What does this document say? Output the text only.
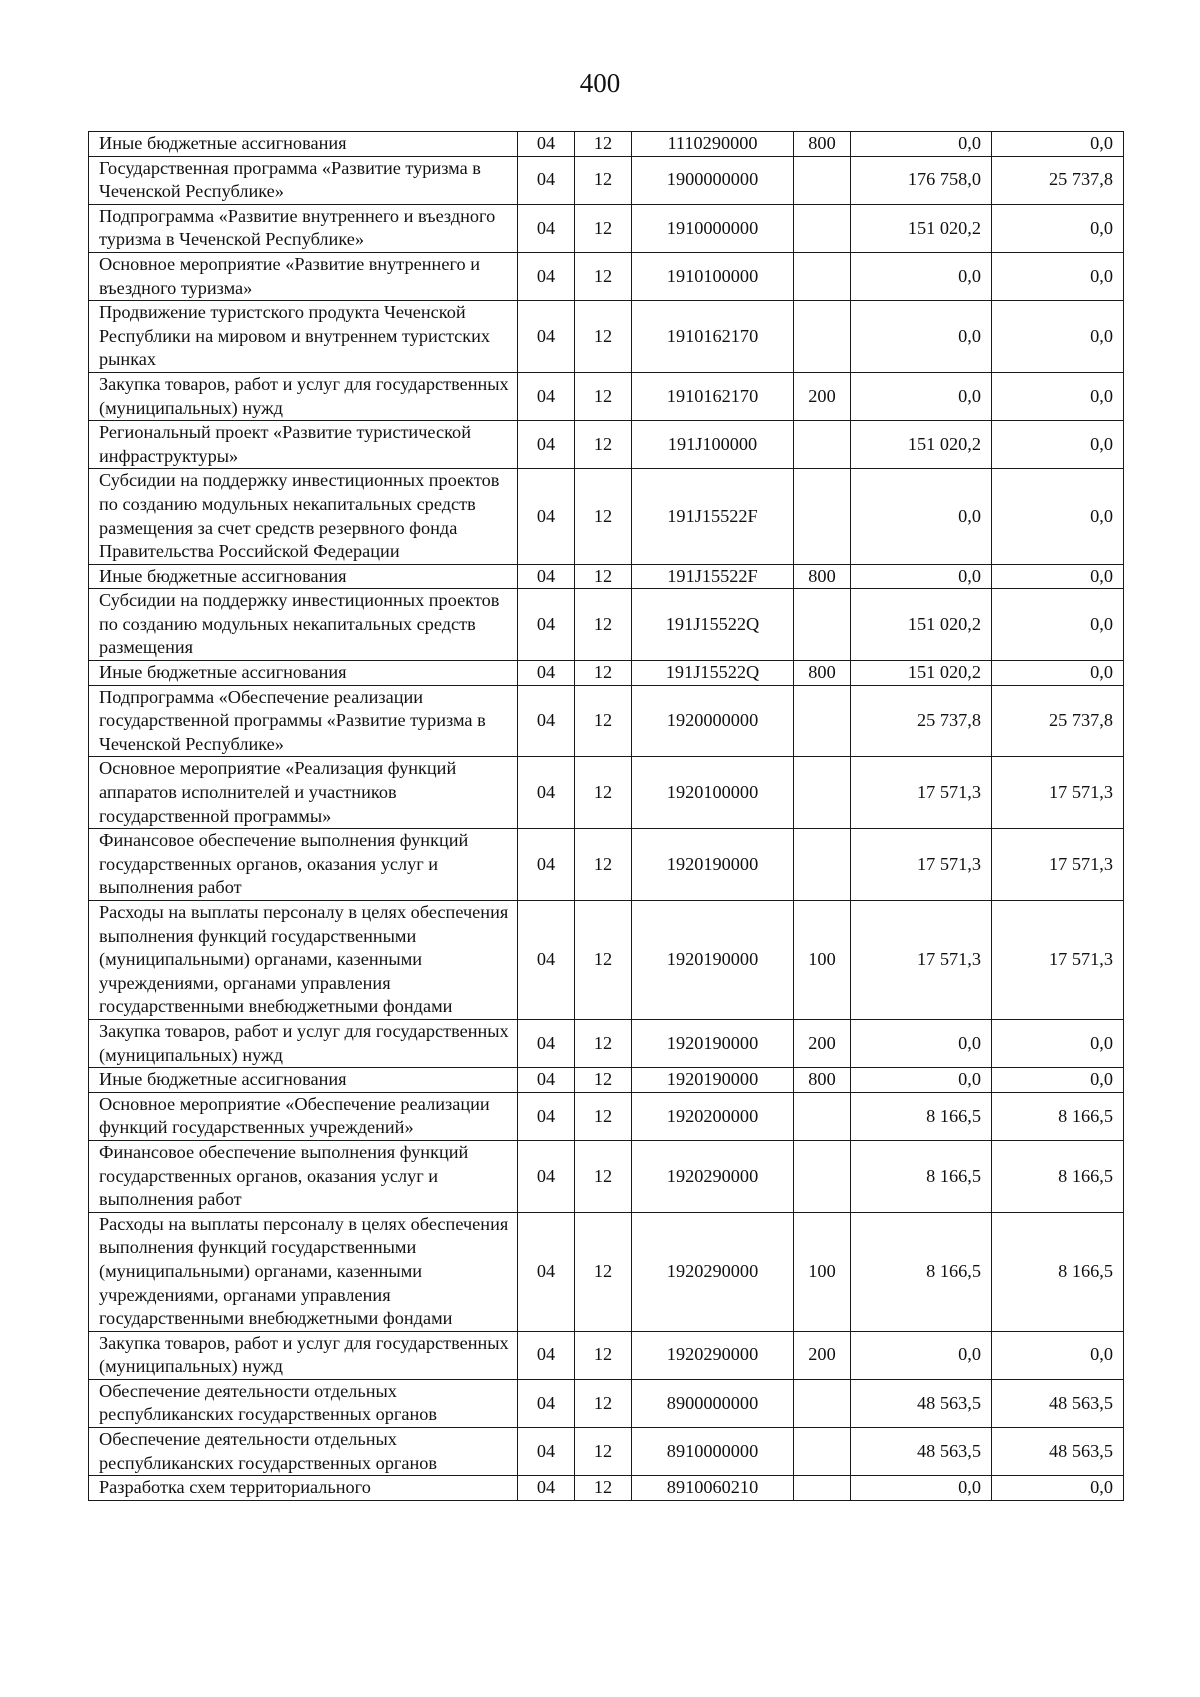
400
Иные бюджетные ассигнования	04	12	1110290000	800	0,0	0,0
Государственная программа «Развитие туризма в Чеченской Республике»	04	12	1900000000		176 758,0	25 737,8
Подпрограмма «Развитие внутреннего и въездного туризма в Чеченской Республике»	04	12	1910000000		151 020,2	0,0
Основное мероприятие «Развитие внутреннего и въездного туризма»	04	12	1910100000		0,0	0,0
Продвижение туристского продукта Чеченской Республики на мировом и внутреннем туристских рынках	04	12	1910162170		0,0	0,0
Закупка товаров, работ и услуг для государственных (муниципальных) нужд	04	12	1910162170	200	0,0	0,0
Региональный проект «Развитие туристической инфраструктуры»	04	12	191J100000		151 020,2	0,0
Субсидии на поддержку инвестиционных проектов по созданию модульных некапитальных средств размещения за счет средств резервного фонда Правительства Российской Федерации	04	12	191J15522F		0,0	0,0
Иные бюджетные ассигнования	04	12	191J15522F	800	0,0	0,0
Субсидии на поддержку инвестиционных проектов по созданию модульных некапитальных средств размещения	04	12	191J15522Q		151 020,2	0,0
Иные бюджетные ассигнования	04	12	191J15522Q	800	151 020,2	0,0
Подпрограмма «Обеспечение реализации государственной программы «Развитие туризма в Чеченской Республике»	04	12	1920000000		25 737,8	25 737,8
Основное мероприятие «Реализация функций аппаратов исполнителей и участников государственной программы»	04	12	1920100000		17 571,3	17 571,3
Финансовое обеспечение выполнения функций государственных органов, оказания услуг и выполнения работ	04	12	1920190000		17 571,3	17 571,3
Расходы на выплаты персоналу в целях обеспечения выполнения функций государственными (муниципальными) органами, казенными учреждениями, органами управления государственными внебюджетными фондами	04	12	1920190000	100	17 571,3	17 571,3
Закупка товаров, работ и услуг для государственных (муниципальных) нужд	04	12	1920190000	200	0,0	0,0
Иные бюджетные ассигнования	04	12	1920190000	800	0,0	0,0
Основное мероприятие «Обеспечение реализации функций государственных учреждений»	04	12	1920200000		8 166,5	8 166,5
Финансовое обеспечение выполнения функций государственных органов, оказания услуг и выполнения работ	04	12	1920290000		8 166,5	8 166,5
Расходы на выплаты персоналу в целях обеспечения выполнения функций государственными (муниципальными) органами, казенными учреждениями, органами управления государственными внебюджетными фондами	04	12	1920290000	100	8 166,5	8 166,5
Закупка товаров, работ и услуг для государственных (муниципальных) нужд	04	12	1920290000	200	0,0	0,0
Обеспечение деятельности отдельных республиканских государственных органов	04	12	8900000000		48 563,5	48 563,5
Обеспечение деятельности отдельных республиканских государственных органов	04	12	8910000000		48 563,5	48 563,5
Разработка схем территориального	04	12	8910060210		0,0	0,0
